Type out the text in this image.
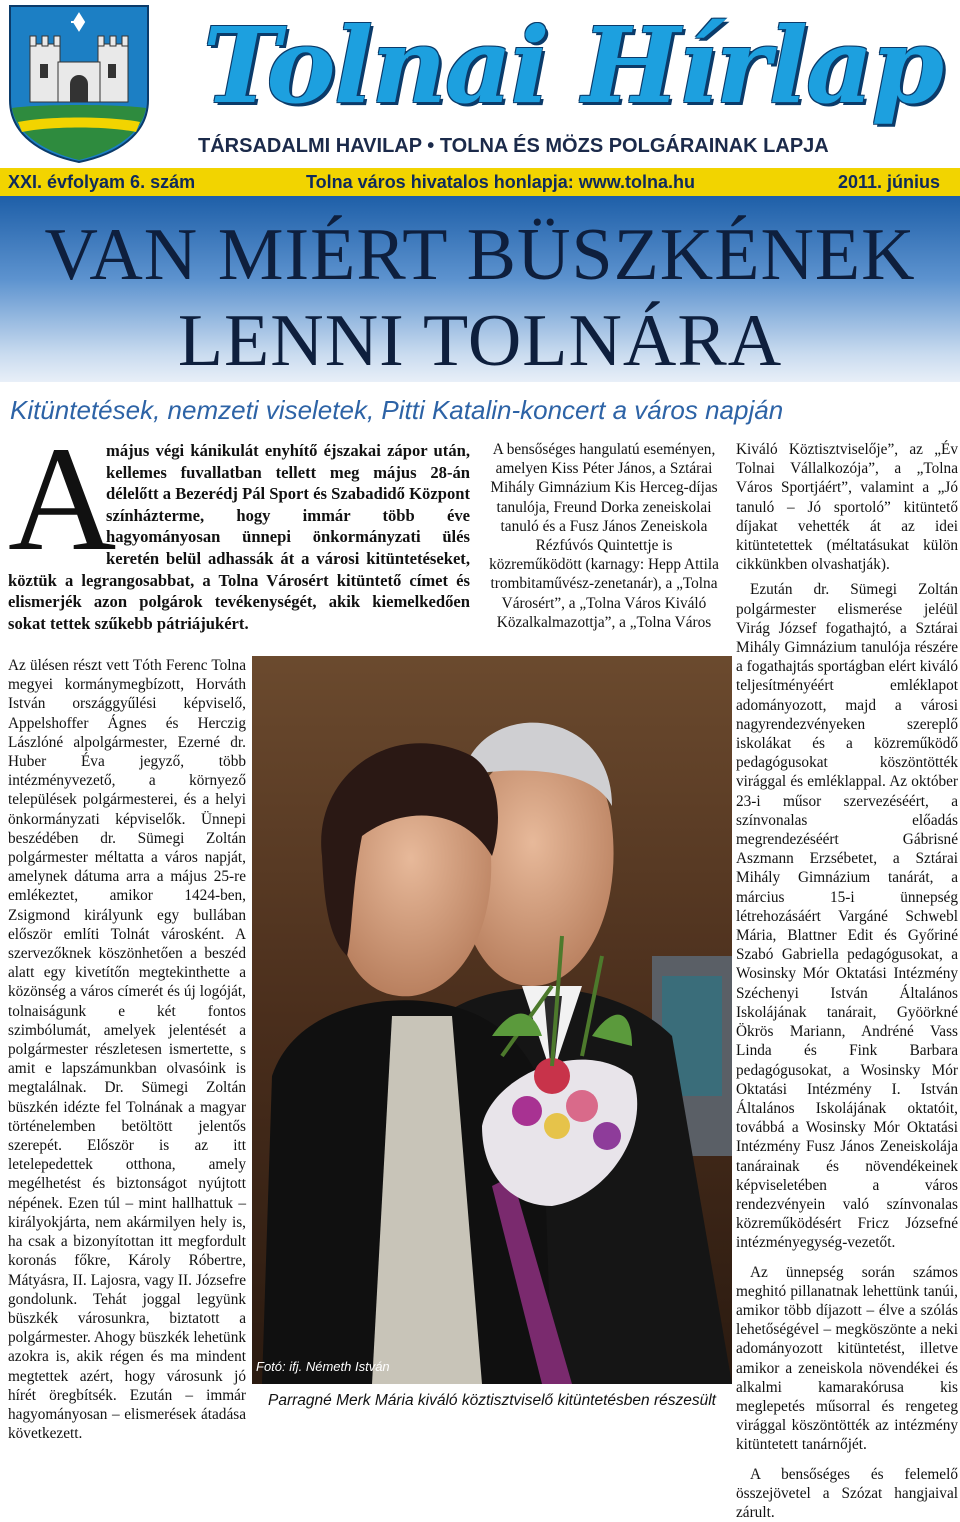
Tolnai Hírlap
TÁRSADALMI HAVILAP • TOLNA ÉS MÖZS POLGÁRAINAK LAPJA
XXI. évfolyam 6. szám	Tolna város hivatalos honlapja: www.tolna.hu	2011. június
VAN MIÉRT BÜSZKÉNEK
LENNI TOLNÁRA
Kitüntetések, nemzeti viseletek, Pitti Katalin-koncert a város napján
A
május végi kánikulát enyhítő éjszakai zápor után, kellemes fuvallatban tellett meg május 28-án délelőtt a Bezerédj Pál Sport és Szabadidő Központ színházterme, hogy immár több éve hagyományosan ünnepi önkormányzati ülés keretén belül adhassák át a városi kitüntetéseket, köztük a legrangosabbat, a Tolna Városért kitüntető címet és elismerjék azon polgárok tevékenységét, akik kiemelkedően sokat tettek szűkebb pátriájukért.
Az ülésen részt vett Tóth Ferenc Tolna megyei kormánymegbízott, Horváth István országgyűlési képviselő, Appelshoffer Ágnes és Herczig Lászlóné alpolgármester, Ezerné dr. Huber Éva jegyző, több intézményvezető, a környező települések polgármesterei, és a helyi önkormányzati képviselők. Ünnepi beszédében dr. Sümegi Zoltán polgármester méltatta a város napját, amelynek dátuma arra a május 25-re emlékeztet, amikor 1424-ben, Zsigmond királyunk egy bullában először említi Tolnát városként. A szervezőknek köszönhetően a beszéd alatt egy kivetítőn megtekinthette a közönség a város címerét és új logóját, tolnaiságunk e két fontos szimbólumát, amelyek jelentését a polgármester részletesen ismertette, s amit e lapszámunkban olvasóink is megtalálnak. Dr. Sümegi Zoltán büszkén idézte fel Tolnának a magyar történelemben betöltött jelentős szerepét. Először is az itt letelepedettek otthona, amely megélhetést és biztonságot nyújtott népének. Ezen túl – mint hallhattuk – királyokjárta, nem akármilyen hely is, ha csak a bizonyítottan itt megfordult koronás főkre, Károly Róbertre, Mátyásra, II. Lajosra, vagy II. Józsefre gondolunk. Tehát joggal legyünk büszkék városunkra, biztatott a polgármester. Ahogy büszkék lehetünk azokra is, akik régen és ma mindent megtettek azért, hogy városunk jó hírét öregbítsék. Ezután – immár hagyományosan – elismerések átadása következett.
A bensőséges hangulatú eseményen, amelyen Kiss Péter János, a Sztárai Mihály Gimnázium Kis Herceg-díjas tanulója, Freund Dorka zeneiskolai tanuló és a Fusz János Zeneiskola Rézfúvós Quintettje is közreműködött (karnagy: Hepp Attila trombitaművész-zenetanár), a „Tolna Városért”, a „Tolna Város Kiváló Közalkalmazottja”, a „Tolna Város

Kiváló Köztisztviselője”, az „Év Tolnai Vállalkozója”, a „Tolna Város Sportjáért”, valamint a „Jó tanuló – Jó sportoló” kitüntető díjakat vehették át az idei kitüntetettek (méltatásukat külön cikkünkben olvashatják).

Ezután dr. Sümegi Zoltán polgármester elismerése jeléül Virág József fogathajtó, a Sztárai Mihály Gimnázium tanulója részére a fogathajtás sportágban elért kiváló teljesítményéért emléklapot adományozott, majd a városi nagyrendezvényeken szereplő iskolákat és a közreműködő pedagógusokat köszöntötték virággal és emléklappal. Az október 23-i műsor szervezéséért, a színvonalas előadás megrendezéséért Gábrisné Aszmann Erzsébetet, a Sztárai Mihály Gimnázium tanárát, a március 15-i ünnepség létrehozásáért Vargáné Schwebl Mária, Blattner Edit és Győriné Szabó Gabriella pedagógusokat, a Wosinsky Mór Oktatási Intézmény Széchenyi István Általános Iskolájának tanárait, Gyöörkné Ökrös Mariann, Andréné Vass Linda és Fink Barbara pedagógusokat, a Wosinsky Mór Oktatási Intézmény I. István Általános Iskolájának oktatóit, továbbá a Wosinsky Mór Oktatási Intézmény Fusz János Zeneiskolája tanárainak és növendékeinek képviseletében a város rendezvényein való színvonalas közreműködésért Fricz Józsefné intézményegység-vezetőt.

Az ünnepség során számos meghitó pillanatnak lehettünk tanúi, amikor több díjazott – élve a szólás lehetőségével – megköszönte a neki adományozott kitüntetést, illetve amikor a zeneiskola növendékei és alkalmi kamarakórusa kis meglepetés műsorral és rengeteg virággal köszöntötték az intézmény kitüntetett tanárnőjét.

A bensőséges és felemelő összejövetel a Szózat hangjaival zárult.

Fotó: ifj. Németh István
Parragné Merk Mária kiváló köztisztviselő kitüntetésben részesült
